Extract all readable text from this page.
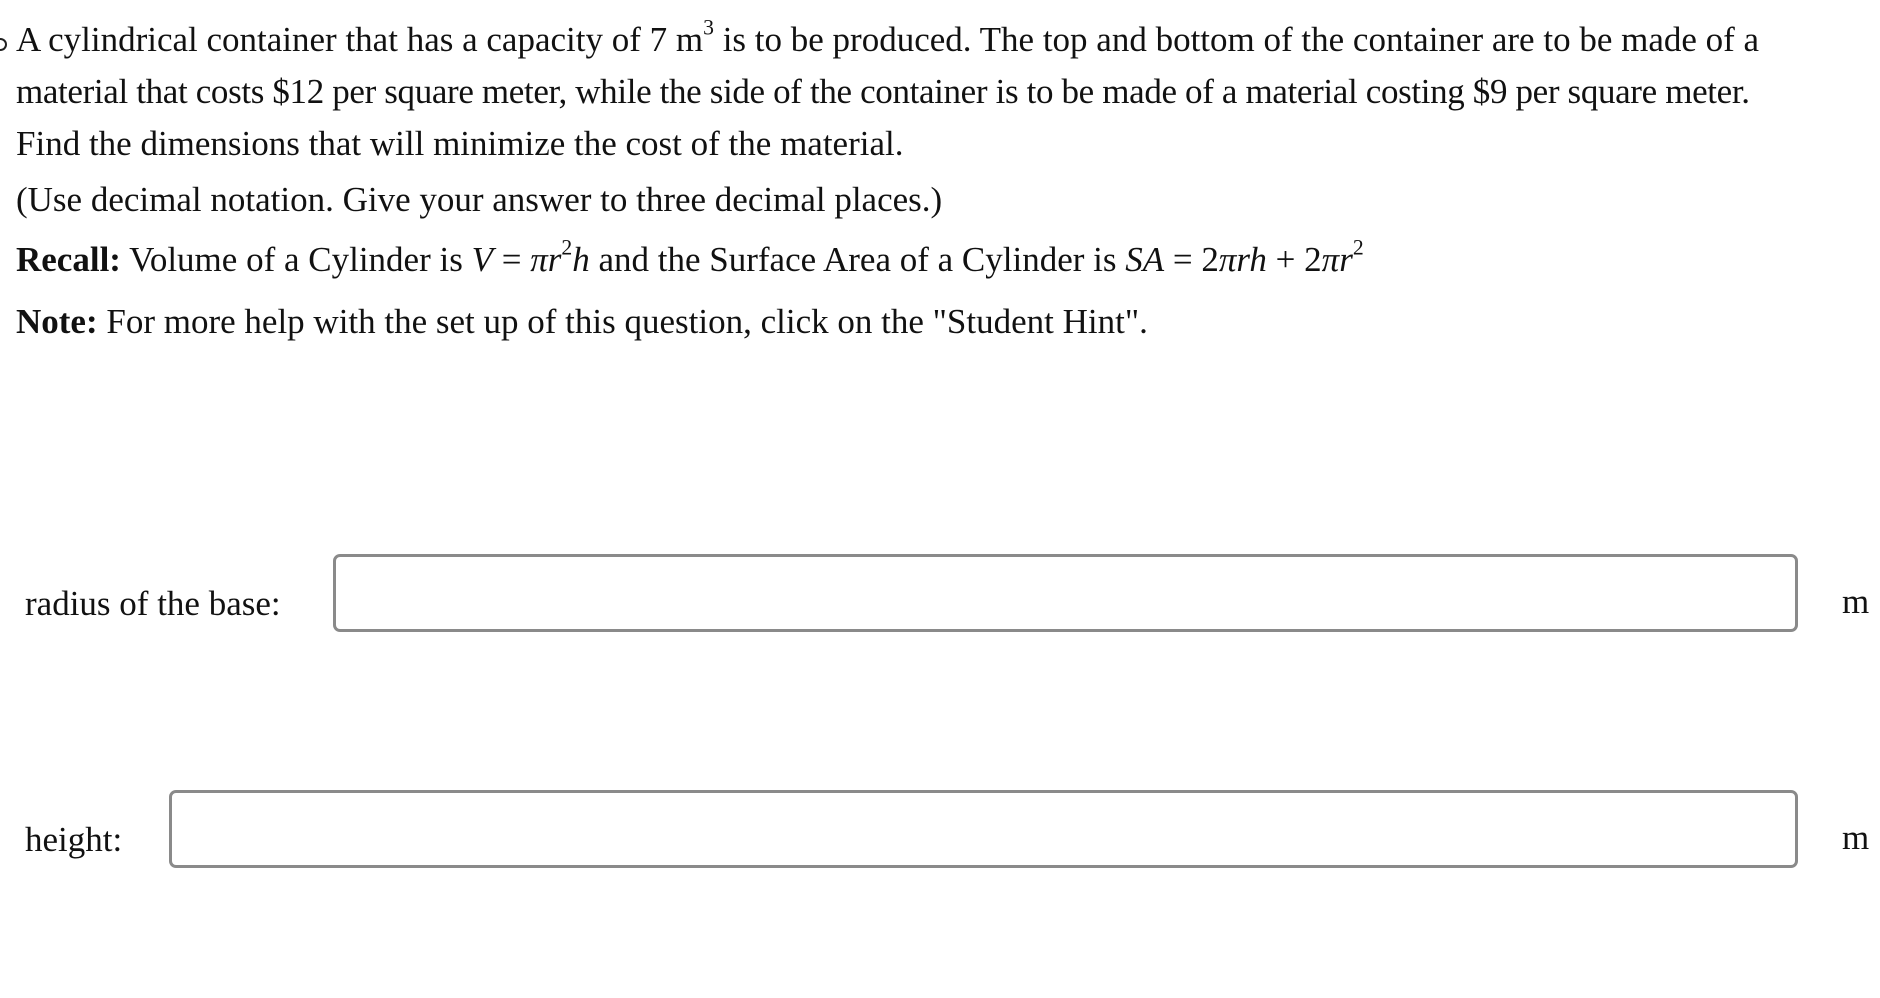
A cylindrical container that has a capacity of 7 $m^3$ is to be produced. The top and bottom of the container are to be made of a
material that costs $12 per square meter, while the side of the container is to be made of a material costing $9 per square meter.
Find the dimensions that will minimize the cost of the material.
(Use decimal notation. Give your answer to three decimal places.)
Recall: Volume of a Cylinder is $V = \pi r^2h$ and the Surface Area of a Cylinder is SA = $2\pi rh + 2\pi r^2$
Note: For more help with the set up of this question, click on the "Student Hint".
radius of the base:	m
height:	m
